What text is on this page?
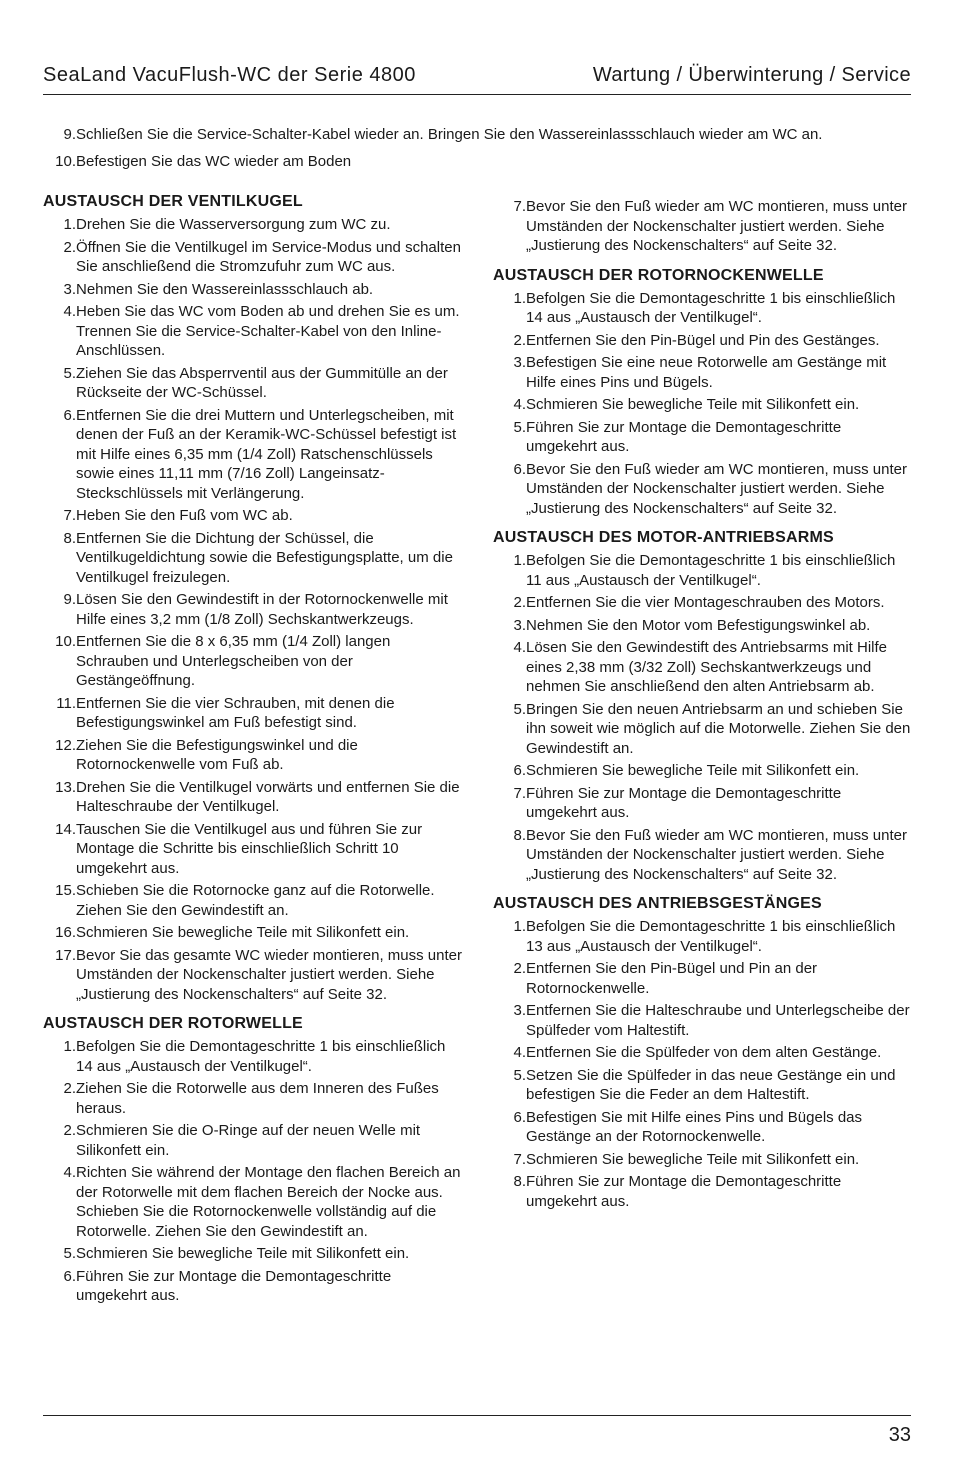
SeaLand VacuFlush-WC der Serie 4800	Wartung / Überwinterung / Service
9. Schließen Sie die Service-Schalter-Kabel wieder an. Bringen Sie den Wassereinlassschlauch wieder am WC an.
10. Befestigen Sie das WC wieder am Boden
AUSTAUSCH DER VENTILKUGEL
1. Drehen Sie die Wasserversorgung zum WC zu.
2. Öffnen Sie die Ventilkugel im Service-Modus und schalten Sie anschließend die Stromzufuhr zum WC aus.
3. Nehmen Sie den Wassereinlassschlauch ab.
4. Heben Sie das WC vom Boden ab und drehen Sie es um. Trennen Sie die Service-Schalter-Kabel von den Inline-Anschlüssen.
5. Ziehen Sie das Absperrventil aus der Gummitülle an der Rückseite der WC-Schüssel.
6. Entfernen Sie die drei Muttern und Unterlegscheiben, mit denen der Fuß an der Keramik-WC-Schüssel befestigt ist mit Hilfe eines 6,35 mm (1/4 Zoll) Ratschenschlüssels sowie eines 11,11 mm (7/16 Zoll) Langeinsatz-Steckschlüssels mit Verlängerung.
7. Heben Sie den Fuß vom WC ab.
8. Entfernen Sie die Dichtung der Schüssel, die Ventilkugeldichtung sowie die Befestigungsplatte, um die Ventilkugel freizulegen.
9. Lösen Sie den Gewindestift in der Rotornockenwelle mit Hilfe eines 3,2 mm (1/8 Zoll) Sechskantwerkzeugs.
10. Entfernen Sie die 8 x 6,35 mm (1/4 Zoll) langen Schrauben und Unterlegscheiben von der Gestängeöffnung.
11. Entfernen Sie die vier Schrauben, mit denen die Befestigungswinkel am Fuß befestigt sind.
12. Ziehen Sie die Befestigungswinkel und die Rotornockenwelle vom Fuß ab.
13. Drehen Sie die Ventilkugel vorwärts und entfernen Sie die Halteschraube der Ventilkugel.
14. Tauschen Sie die Ventilkugel aus und führen Sie zur Montage die Schritte bis einschließlich Schritt 10 umgekehrt aus.
15. Schieben Sie die Rotornocke ganz auf die Rotorwelle. Ziehen Sie den Gewindestift an.
16. Schmieren Sie bewegliche Teile mit Silikonfett ein.
17. Bevor Sie das gesamte WC wieder montieren, muss unter Umständen der Nockenschalter justiert werden. Siehe „Justierung des Nockenschalters“ auf Seite 32.
AUSTAUSCH DER ROTORWELLE
1. Befolgen Sie die Demontageschritte 1 bis einschließlich 14 aus „Austausch der Ventilkugel“.
2. Ziehen Sie die Rotorwelle aus dem Inneren des Fußes heraus.
2. Schmieren Sie die O-Ringe auf der neuen Welle mit Silikonfett ein.
4. Richten Sie während der Montage den flachen Bereich an der Rotorwelle mit dem flachen Bereich der Nocke aus. Schieben Sie die Rotornockenwelle vollständig auf die Rotorwelle. Ziehen Sie den Gewindestift an.
5. Schmieren Sie bewegliche Teile mit Silikonfett ein.
6. Führen Sie zur Montage die Demontageschritte umgekehrt aus.
7. Bevor Sie den Fuß wieder am WC montieren, muss unter Umständen der Nockenschalter justiert werden. Siehe „Justierung des Nockenschalters“ auf Seite 32.
AUSTAUSCH DER ROTORNOCKENWELLE
1. Befolgen Sie die Demontageschritte 1 bis einschließlich 14 aus „Austausch der Ventilkugel“.
2. Entfernen Sie den Pin-Bügel und Pin des Gestänges.
3. Befestigen Sie eine neue Rotorwelle am Gestänge mit Hilfe eines Pins und Bügels.
4. Schmieren Sie bewegliche Teile mit Silikonfett ein.
5. Führen Sie zur Montage die Demontageschritte umgekehrt aus.
6. Bevor Sie den Fuß wieder am WC montieren, muss unter Umständen der Nockenschalter justiert werden. Siehe „Justierung des Nockenschalters“ auf Seite 32.
AUSTAUSCH DES MOTOR-ANTRIEBSARMS
1. Befolgen Sie die Demontageschritte 1 bis einschließlich 11 aus „Austausch der Ventilkugel“.
2. Entfernen Sie die vier Montageschrauben des Motors.
3. Nehmen Sie den Motor vom Befestigungswinkel ab.
4. Lösen Sie den Gewindestift des Antriebsarms mit Hilfe eines 2,38 mm (3/32 Zoll) Sechskantwerkzeugs und nehmen Sie anschließend den alten Antriebsarm ab.
5. Bringen Sie den neuen Antriebsarm an und schieben Sie ihn soweit wie möglich auf die Motorwelle. Ziehen Sie den Gewindestift an.
6. Schmieren Sie bewegliche Teile mit Silikonfett ein.
7. Führen Sie zur Montage die Demontageschritte umgekehrt aus.
8. Bevor Sie den Fuß wieder am WC montieren, muss unter Umständen der Nockenschalter justiert werden. Siehe „Justierung des Nockenschalters“ auf Seite 32.
AUSTAUSCH DES ANTRIEBSGESTÄNGES
1. Befolgen Sie die Demontageschritte 1 bis einschließlich 13 aus „Austausch der Ventilkugel“.
2. Entfernen Sie den Pin-Bügel und Pin an der Rotornockenwelle.
3. Entfernen Sie die Halteschraube und Unterlegscheibe der Spülfeder vom Haltestift.
4. Entfernen Sie die Spülfeder von dem alten Gestänge.
5. Setzen Sie die Spülfeder in das neue Gestänge ein und befestigen Sie die Feder an dem Haltestift.
6. Befestigen Sie mit Hilfe eines Pins und Bügels das Gestänge an der Rotornockenwelle.
7. Schmieren Sie bewegliche Teile mit Silikonfett ein.
8. Führen Sie zur Montage die Demontageschritte umgekehrt aus.
33
